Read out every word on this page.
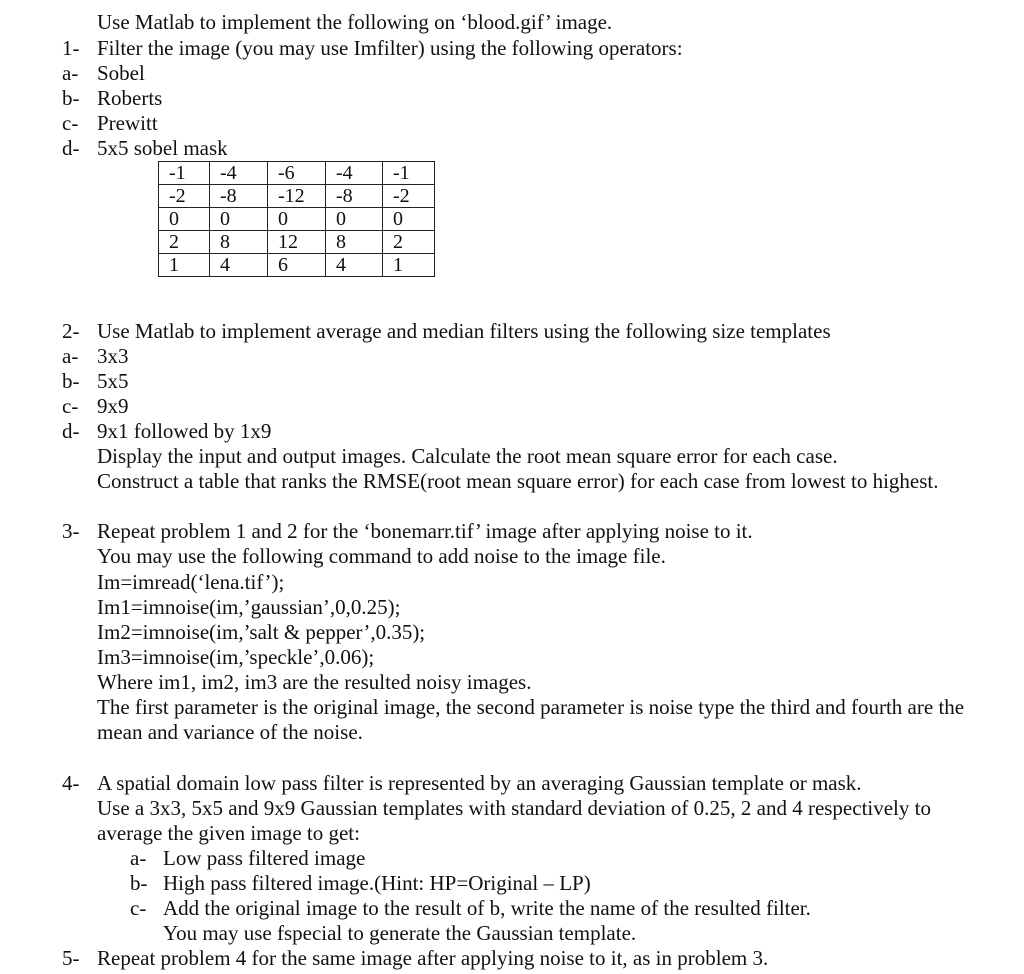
Use Matlab to implement the following on ‘blood.gif’ image.
1- Filter the image (you may use Imfilter) using the following operators:
a- Sobel
b- Roberts
c- Prewitt
d- 5x5 sobel mask
-1	-4	-6	-4	-1
-2	-8	-12	-8	-2
0	0	0	0	0
2	8	12	8	2
1	4	6	4	1
2- Use Matlab to implement average and median filters using the following size templates
a- 3x3
b- 5x5
c- 9x9
d- 9x1 followed by 1x9
Display the input and output images. Calculate the root mean square error for each case.
Construct a table that ranks the RMSE(root mean square error) for each case from lowest to highest.
3- Repeat problem 1 and 2 for the ‘bonemarr.tif’ image after applying noise to it.
You may use the following command to add noise to the image file.
Im=imread(‘lena.tif’);
Im1=imnoise(im,’gaussian’,0,0.25);
Im2=imnoise(im,’salt & pepper’,0.35);
Im3=imnoise(im,’speckle’,0.06);
Where im1, im2, im3 are the resulted noisy images.
The first parameter is the original image, the second parameter is noise type the third and fourth are the
mean and variance of the noise.
4- A spatial domain low pass filter is represented by an averaging Gaussian template or mask.
Use a 3x3, 5x5 and 9x9 Gaussian templates with standard deviation of 0.25, 2 and 4 respectively to
average the given image to get:
a- Low pass filtered image
b- High pass filtered image.(Hint: HP=Original – LP)
c- Add the original image to the result of b, write the name of the resulted filter.
You may use fspecial to generate the Gaussian template.
5- Repeat problem 4 for the same image after applying noise to it, as in problem 3.
